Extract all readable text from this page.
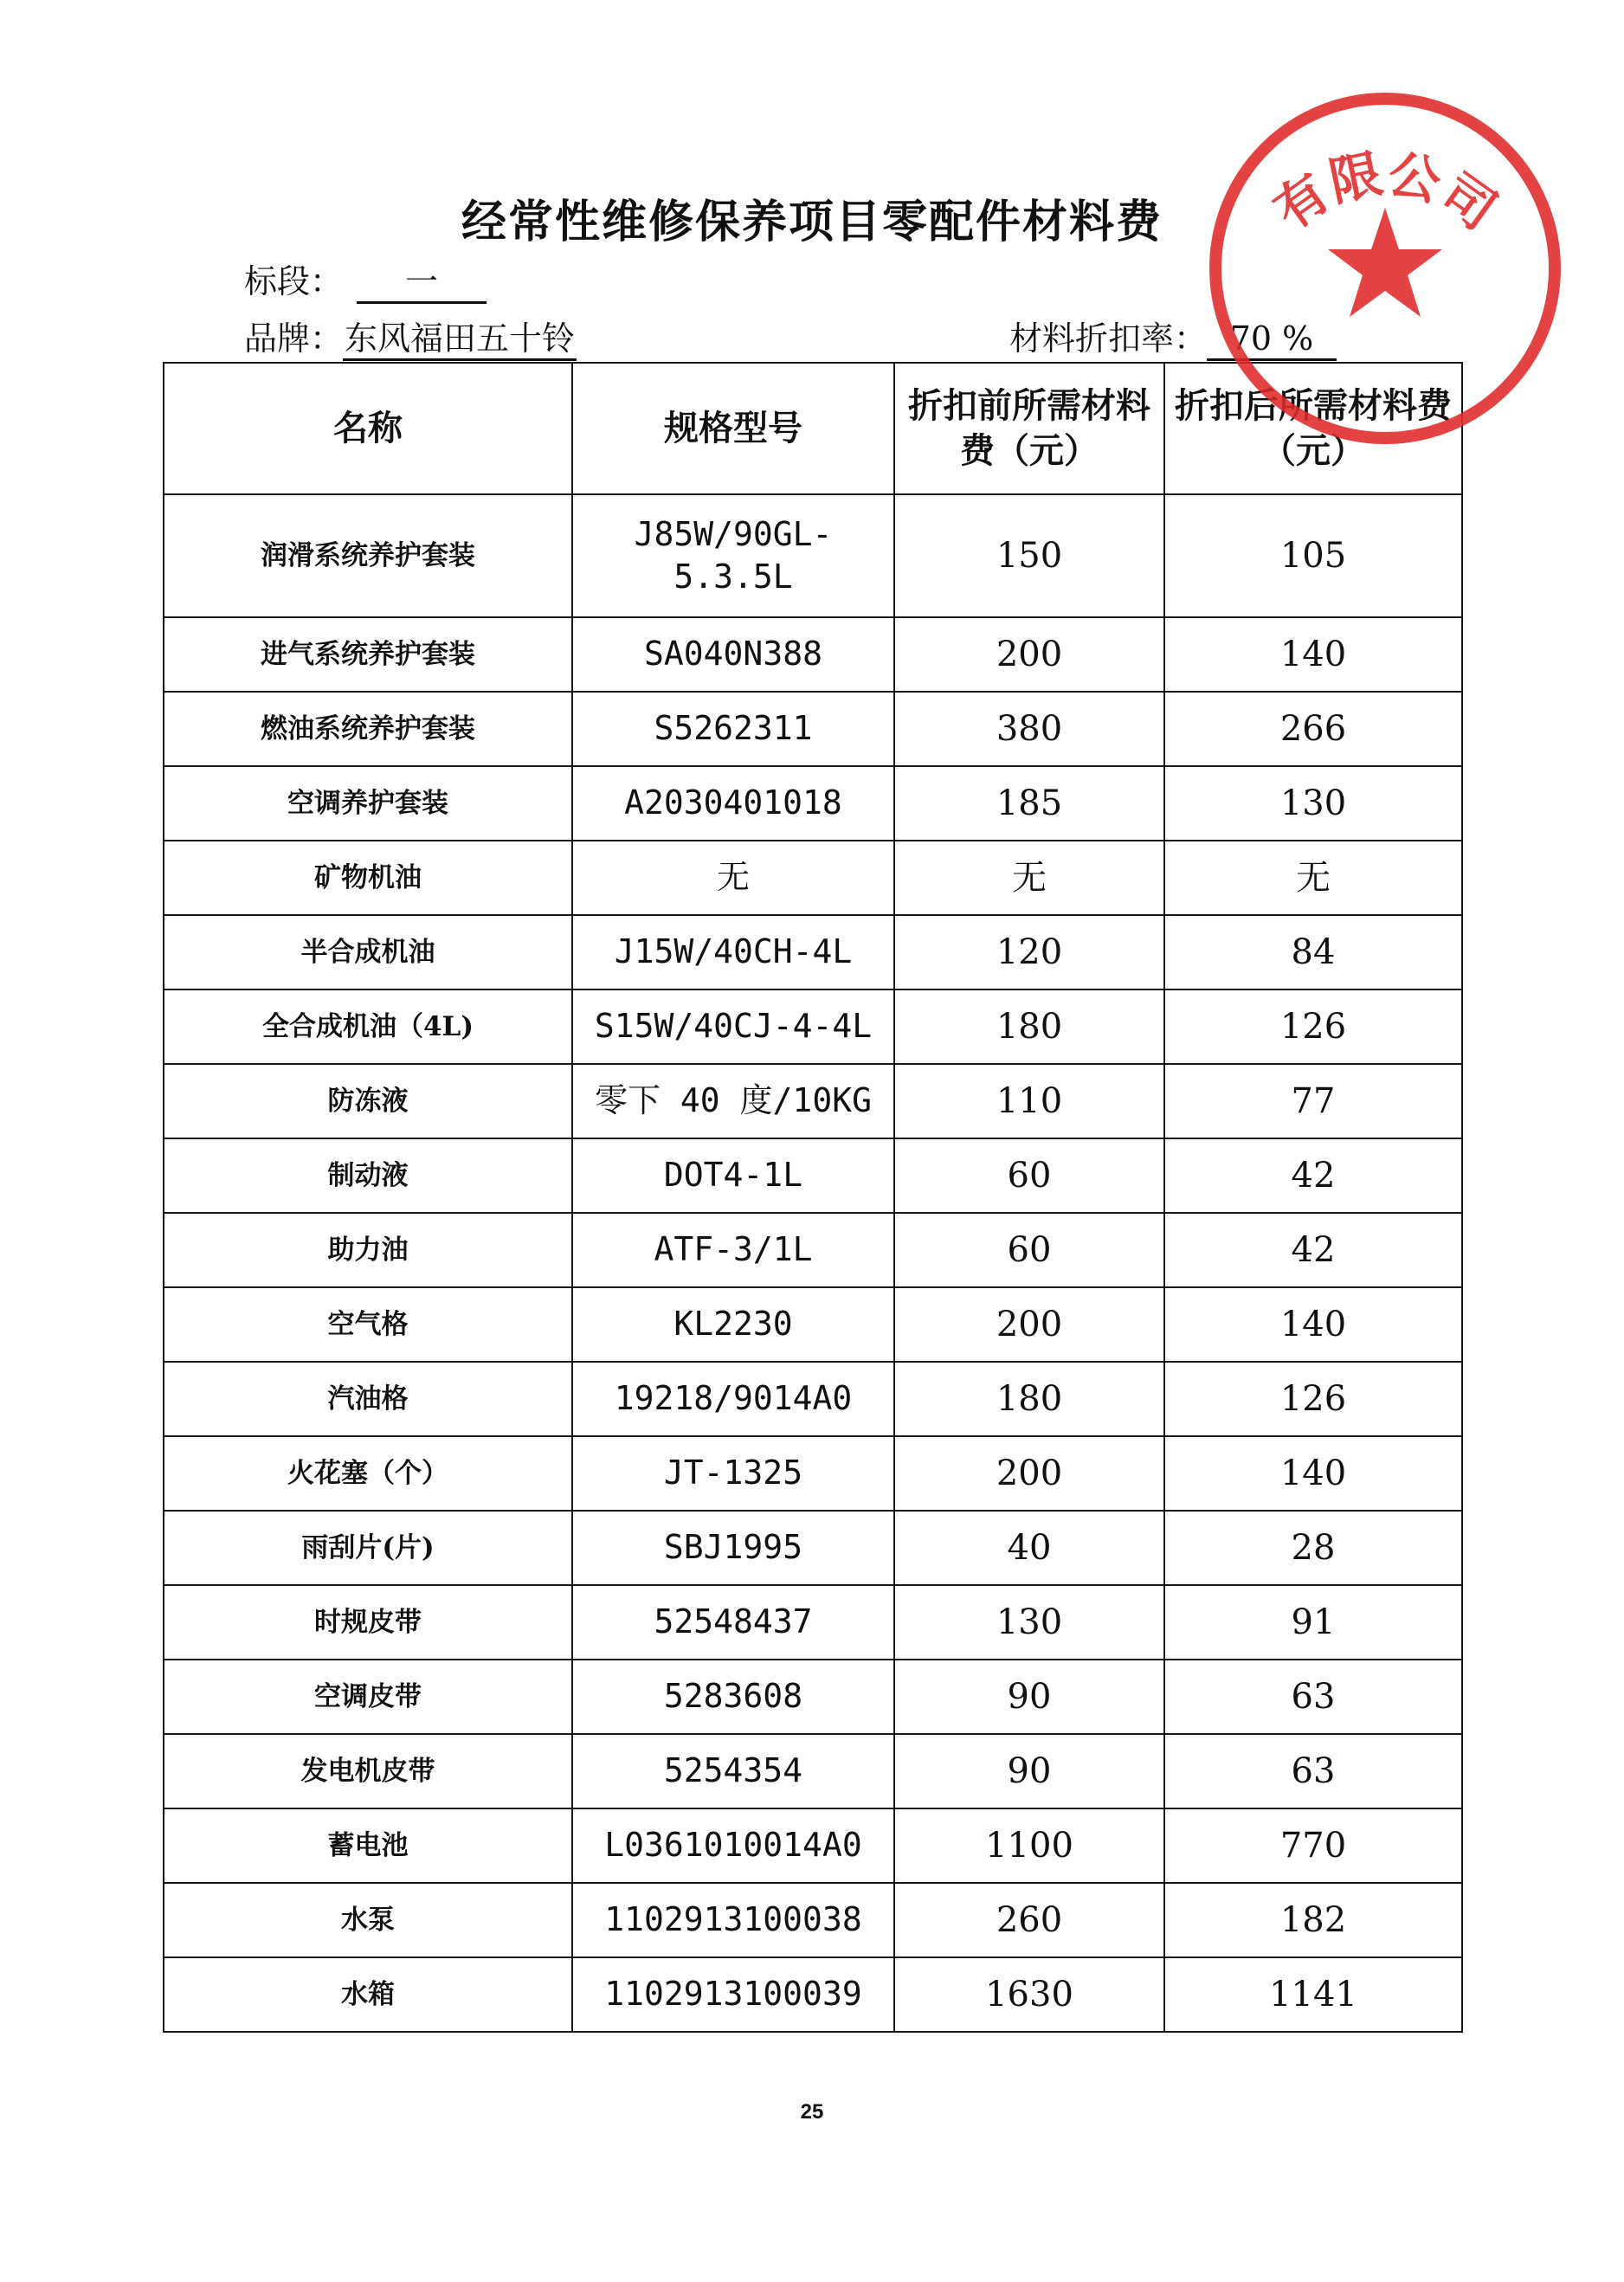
经常性维修保养项目零配件材料费
标段： 一
品牌：东风福田五十铃	材料折扣率： 70 %
名称	规格型号	折扣前所需材料费（元）	折扣后所需材料费（元）
润滑系统养护套装	J85W/90GL-5.3.5L	150	105
进气系统养护套装	SA040N388	200	140
燃油系统养护套装	S5262311	380	266
空调养护套装	A2030401018	185	130
矿物机油	无	无	无
半合成机油	J15W/40CH-4L	120	84
全合成机油（4L)	S15W/40CJ-4-4L	180	126
防冻液	零下 40 度/10KG	110	77
制动液	DOT4-1L	60	42
助力油	ATF-3/1L	60	42
空气格	KL2230	200	140
汽油格	19218/9014A0	180	126
火花塞（个）	JT-1325	200	140
雨刮片(片)	SBJ1995	40	28
时规皮带	52548437	130	91
空调皮带	5283608	90	63
发电机皮带	5254354	90	63
蓄电池	L0361010014A0	1100	770
水泵	1102913100038	260	182
水箱	1102913100039	1630	1141
25
有限公司
